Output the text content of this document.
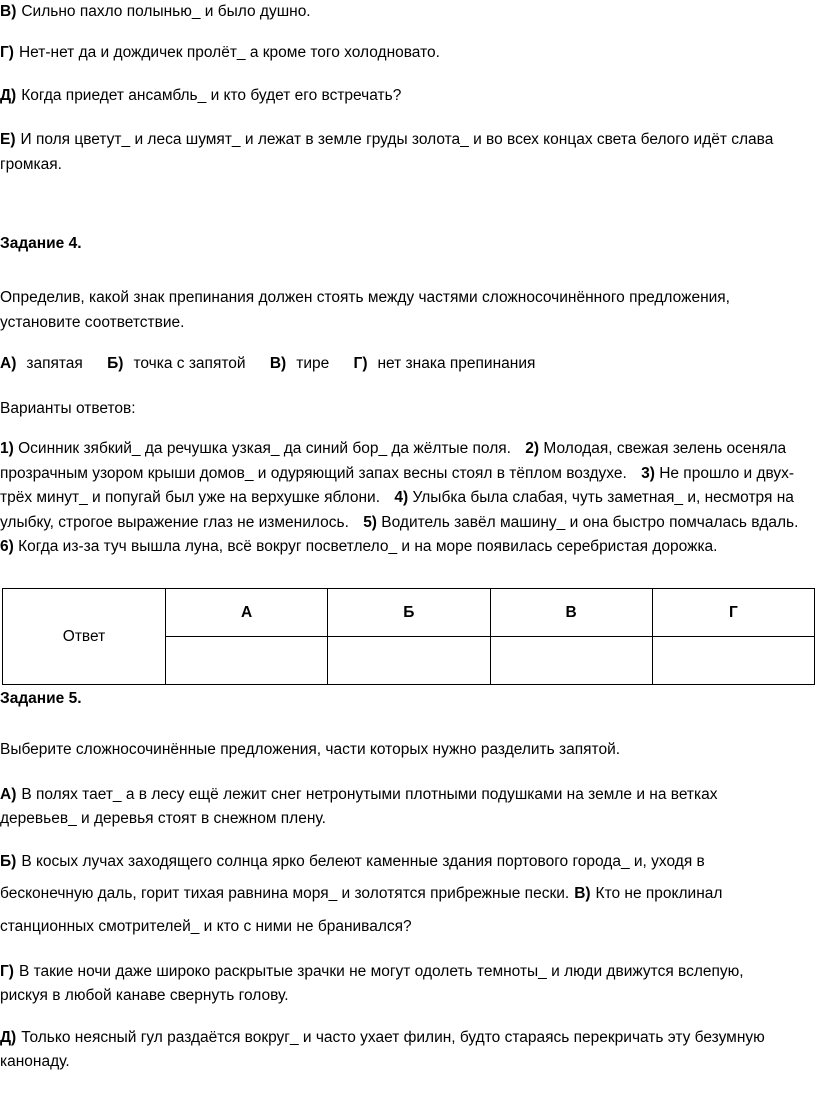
В) Сильно пахло полынью_ и было душно.
Г) Нет-нет да и дождичек пролёт_ а кроме того холодновато.
Д) Когда приедет ансамбль_ и кто будет его встречать?
Е) И поля цветут_ и леса шумят_ и лежат в земле груды золота_ и во всех концах света белого идёт слава
громкая.
Задание 4.
Определив, какой знак препинания должен стоять между частями сложносочинённого предложения,
установите соответствие.
А) запятая Б) точка с запятой В) тире Г) нет знака препинания
Варианты ответов:
1) Осинник зябкий_ да речушка узкая_ да синий бор_ да жёлтые поля. 2) Молодая, свежая зелень осеняла прозрачным узором крыши домов_ и одуряющий запах весны стоял в тёплом воздухе. 3) Не прошло и двух-трёх минут_ и попугай был уже на верхушке яблони. 4) Улыбка была слабая, чуть заметная_ и, несмотря на улыбку, строгое выражение глаз не изменилось. 5) Водитель завёл машину_ и она быстро помчалась вдаль. 6) Когда из-за туч вышла луна, всё вокруг посветлело_ и на море появилась серебристая дорожка.
Ответ	А	Б	В	Г

Задание 5.
Выберите сложносочинённые предложения, части которых нужно разделить запятой.
А) В полях тает_ а в лесу ещё лежит снег нетронутыми плотными подушками на земле и на ветках
деревьев_ и деревья стоят в снежном плену.
Б) В косых лучах заходящего солнца ярко белеют каменные здания портового города_ и, уходя в
бесконечную даль, горит тихая равнина моря_ и золотятся прибрежные пески. В) Кто не проклинал
станционных смотрителей_ и кто с ними не бранивался?
Г) В такие ночи даже широко раскрытые зрачки не могут одолеть темноты_ и люди движутся вслепую,
рискуя в любой канаве свернуть голову.
Д) Только неясный гул раздаётся вокруг_ и часто ухает филин, будто стараясь перекричать эту безумную
канонаду.
